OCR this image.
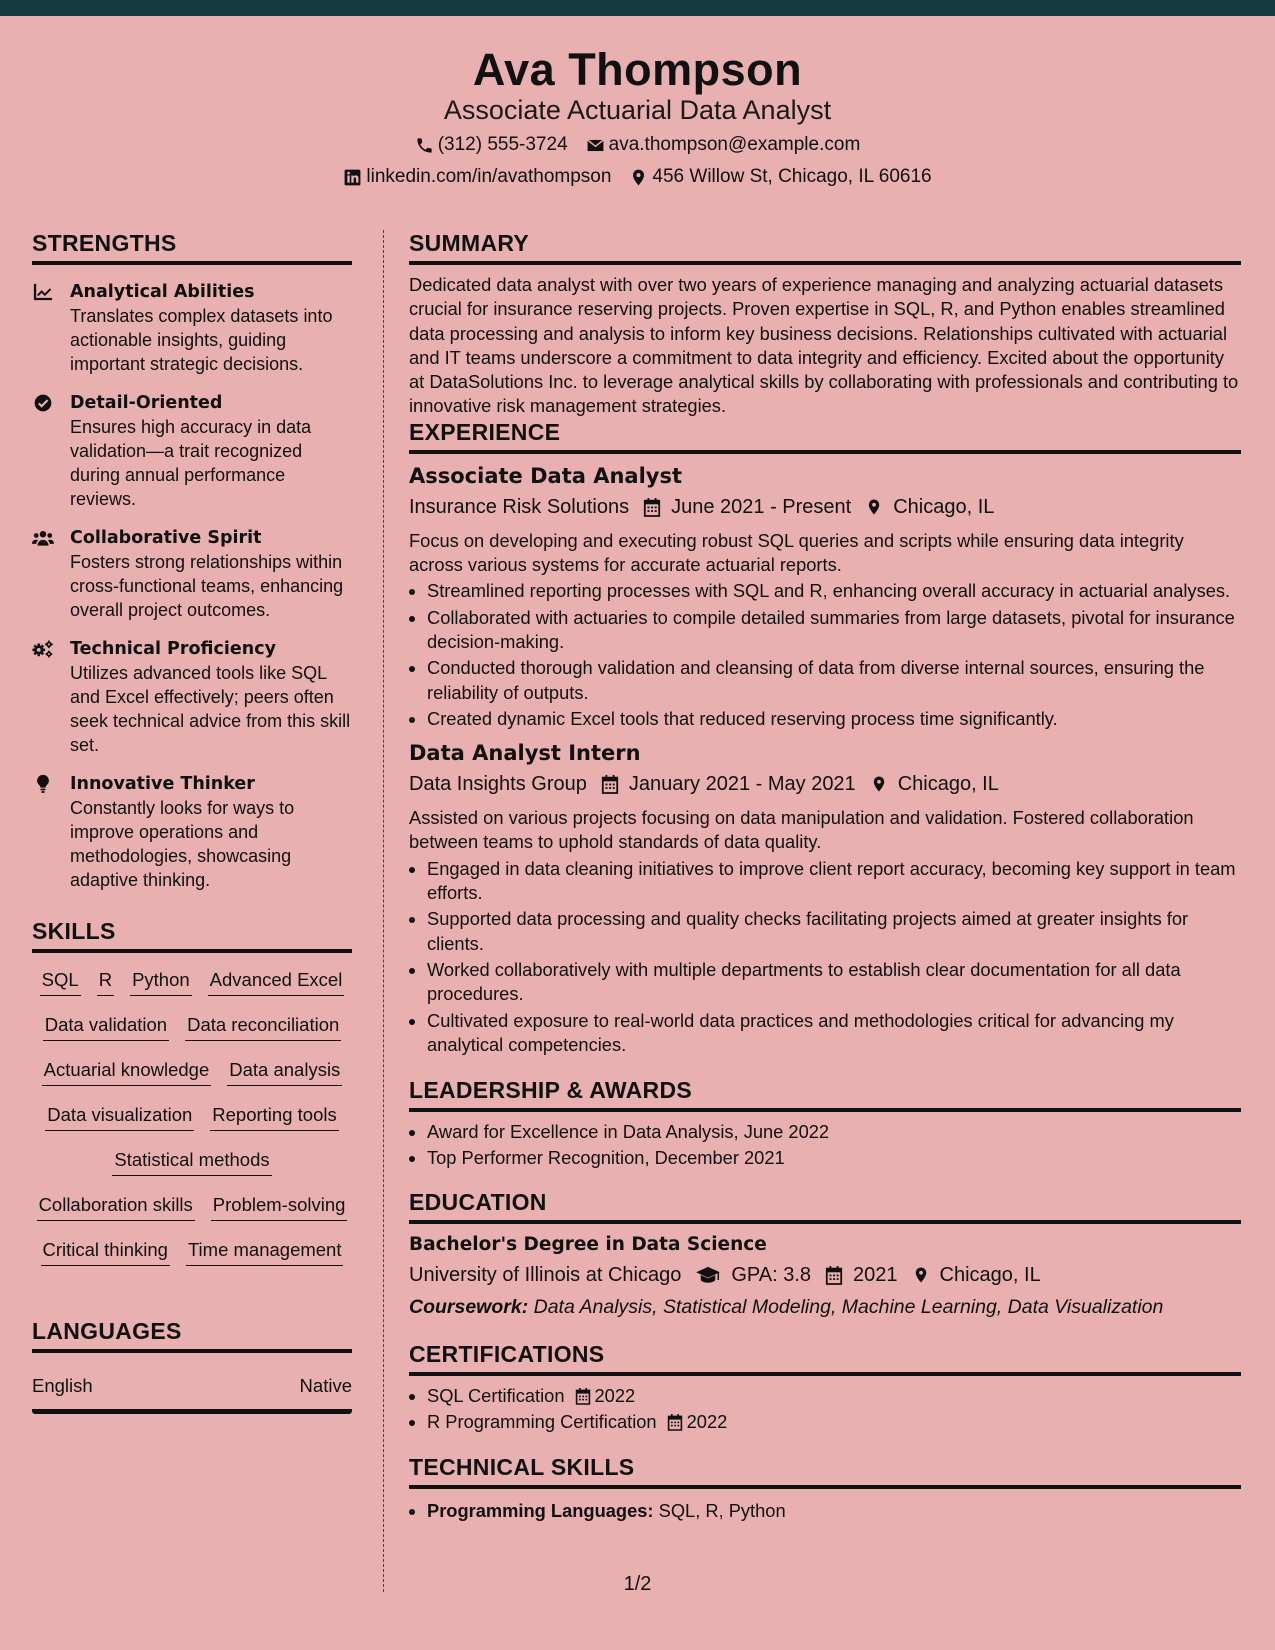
Ava Thompson
Associate Actuarial Data Analyst
(312) 555-3724 ava.thompson@example.com
linkedin.com/in/avathompson 456 Willow St, Chicago, IL 60616
STRENGTHS
Analytical Abilities
Translates complex datasets into actionable insights, guiding important strategic decisions.
Detail-Oriented
Ensures high accuracy in data validation—a trait recognized during annual performance reviews.
Collaborative Spirit
Fosters strong relationships within cross-functional teams, enhancing overall project outcomes.
Technical Proficiency
Utilizes advanced tools like SQL and Excel effectively; peers often seek technical advice from this skill set.
Innovative Thinker
Constantly looks for ways to improve operations and methodologies, showcasing adaptive thinking.
SKILLS
SQL R Python Advanced Excel
Data validation Data reconciliation
Actuarial knowledge Data analysis
Data visualization Reporting tools
Statistical methods
Collaboration skills Problem-solving
Critical thinking Time management
LANGUAGES
English	Native
SUMMARY
Dedicated data analyst with over two years of experience managing and analyzing actuarial datasets crucial for insurance reserving projects. Proven expertise in SQL, R, and Python enables streamlined data processing and analysis to inform key business decisions. Relationships cultivated with actuarial and IT teams underscore a commitment to data integrity and efficiency. Excited about the opportunity at DataSolutions Inc. to leverage analytical skills by collaborating with professionals and contributing to innovative risk management strategies.
EXPERIENCE
Associate Data Analyst
Insurance Risk Solutions June 2021 - Present Chicago, IL
Focus on developing and executing robust SQL queries and scripts while ensuring data integrity across various systems for accurate actuarial reports.
• Streamlined reporting processes with SQL and R, enhancing overall accuracy in actuarial analyses.
• Collaborated with actuaries to compile detailed summaries from large datasets, pivotal for insurance decision-making.
• Conducted thorough validation and cleansing of data from diverse internal sources, ensuring the reliability of outputs.
• Created dynamic Excel tools that reduced reserving process time significantly.
Data Analyst Intern
Data Insights Group January 2021 - May 2021 Chicago, IL
Assisted on various projects focusing on data manipulation and validation. Fostered collaboration between teams to uphold standards of data quality.
• Engaged in data cleaning initiatives to improve client report accuracy, becoming key support in team efforts.
• Supported data processing and quality checks facilitating projects aimed at greater insights for clients.
• Worked collaboratively with multiple departments to establish clear documentation for all data procedures.
• Cultivated exposure to real-world data practices and methodologies critical for advancing my analytical competencies.
LEADERSHIP & AWARDS
• Award for Excellence in Data Analysis, June 2022
• Top Performer Recognition, December 2021
EDUCATION
Bachelor's Degree in Data Science
University of Illinois at Chicago	GPA: 3.8 2021 Chicago, IL
Coursework: Data Analysis, Statistical Modeling, Machine Learning, Data Visualization
CERTIFICATIONS
• SQL Certification 2022
• R Programming Certification 2022
TECHNICAL SKILLS
• Programming Languages: SQL, R, Python
1/2
